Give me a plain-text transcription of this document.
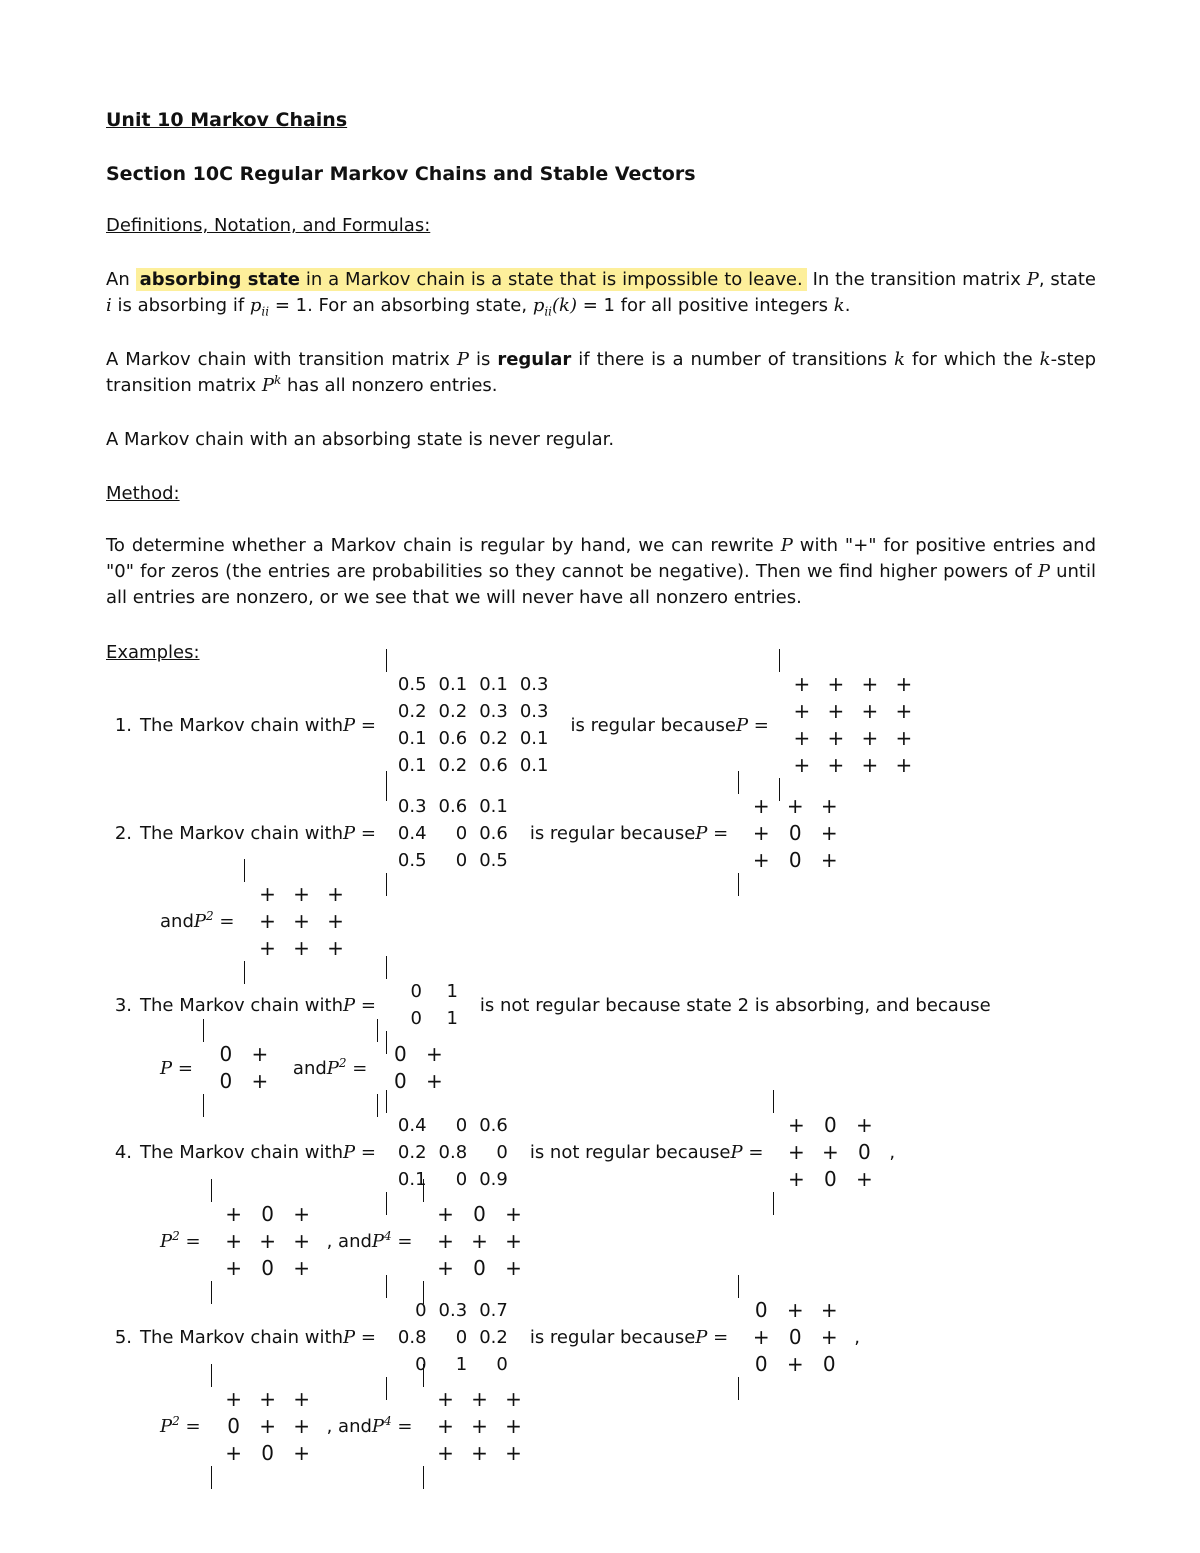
Unit 10 Markov Chains
Section 10C Regular Markov Chains and Stable Vectors
Definitions, Notation, and Formulas:
An absorbing state in a Markov chain is a state that is impossible to leave. In the transition matrix P, state i is absorbing if $p_{ii} = 1$. For an absorbing state, $p_{ii}(k) = 1$ for all positive integers k.
A Markov chain with transition matrix P is regular if there is a number of transitions k for which the k-step transition matrix $P^k$ has all nonzero entries.
A Markov chain with an absorbing state is never regular.
Method:
To determine whether a Markov chain is regular by hand, we can rewrite P with "+" for positive entries and "0" for zeros (the entries are probabilities so they cannot be negative). Then we find higher powers of P until all entries are nonzero, or we see that we will never have all nonzero entries.
Examples:
1. The Markov chain with P =
0.5	0.1	0.1	0.3
0.2	0.2	0.3	0.3
0.1	0.6	0.2	0.1
0.1	0.2	0.6	0.1
is regular because P =
+	+	+	+
+	+	+	+
+	+	+	+
+	+	+	+
2. The Markov chain with P =
0.3	0.6	0.1
0.4	0	0.6
0.5	0	0.5
is regular because P =
+	+	+
+	0	+
+	0	+
and $P^2$ =
+	+	+
+	+	+
+	+	+
3. The Markov chain with P =
0	1
0	1
is not regular because state 2 is absorbing, and because
P =
0	+
0	+
and $P^2$ =
0	+
0	+
4. The Markov chain with P =
0.4	0	0.6
0.2	0.8	0
0.1	0	0.9
is not regular because P =
+	0	+
+	+	0
+	0	+
,
$P^2$ =
+	0	+
+	+	+
+	0	+
, and $P^4$ =
+	0	+
+	+	+
+	0	+
5. The Markov chain with P =
0	0.3	0.7
0.8	0	0.2
0	1	0
is regular because P =
0	+	+
+	0	+
0	+	0
,
$P^2$ =
+	+	+
0	+	+
+	0	+
, and $P^4$ =
+	+	+
+	+	+
+	+	+
